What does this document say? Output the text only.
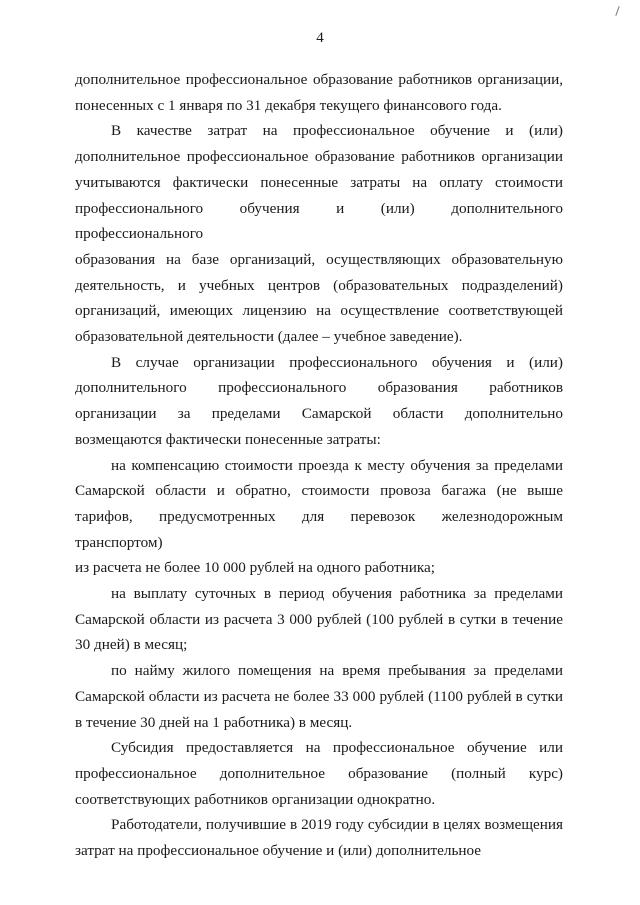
4
дополнительное профессиональное образование работников организации,
понесенных с 1 января по 31 декабря текущего финансового года.
В качестве затрат на профессиональное обучение и (или)
дополнительное профессиональное образование работников организации
учитываются фактически понесенные затраты на оплату стоимости
профессионального обучения и (или) дополнительного профессионального
образования на базе организаций, осуществляющих образовательную
деятельность, и учебных центров (образовательных подразделений)
организаций, имеющих лицензию на осуществление соответствующей
образовательной деятельности (далее – учебное заведение).
В случае организации профессионального обучения и (или)
дополнительного профессионального образования работников
организации за пределами Самарской области дополнительно
возмещаются фактически понесенные затраты:
на компенсацию стоимости проезда к месту обучения за пределами
Самарской области и обратно, стоимости провоза багажа (не выше
тарифов, предусмотренных для перевозок железнодорожным транспортом)
из расчета не более 10 000 рублей на одного работника;
на выплату суточных в период обучения работника за пределами
Самарской области из расчета 3 000 рублей (100 рублей в сутки в течение
30 дней) в месяц;
по найму жилого помещения на время пребывания за пределами
Самарской области из расчета не более 33 000 рублей (1100 рублей в сутки
в течение 30 дней на 1 работника) в месяц.
Субсидия предоставляется на профессиональное обучение или
профессиональное дополнительное образование (полный курс)
соответствующих работников организации однократно.
Работодатели, получившие в 2019 году субсидии в целях возмещения
затрат на профессиональное обучение и (или) дополнительное
